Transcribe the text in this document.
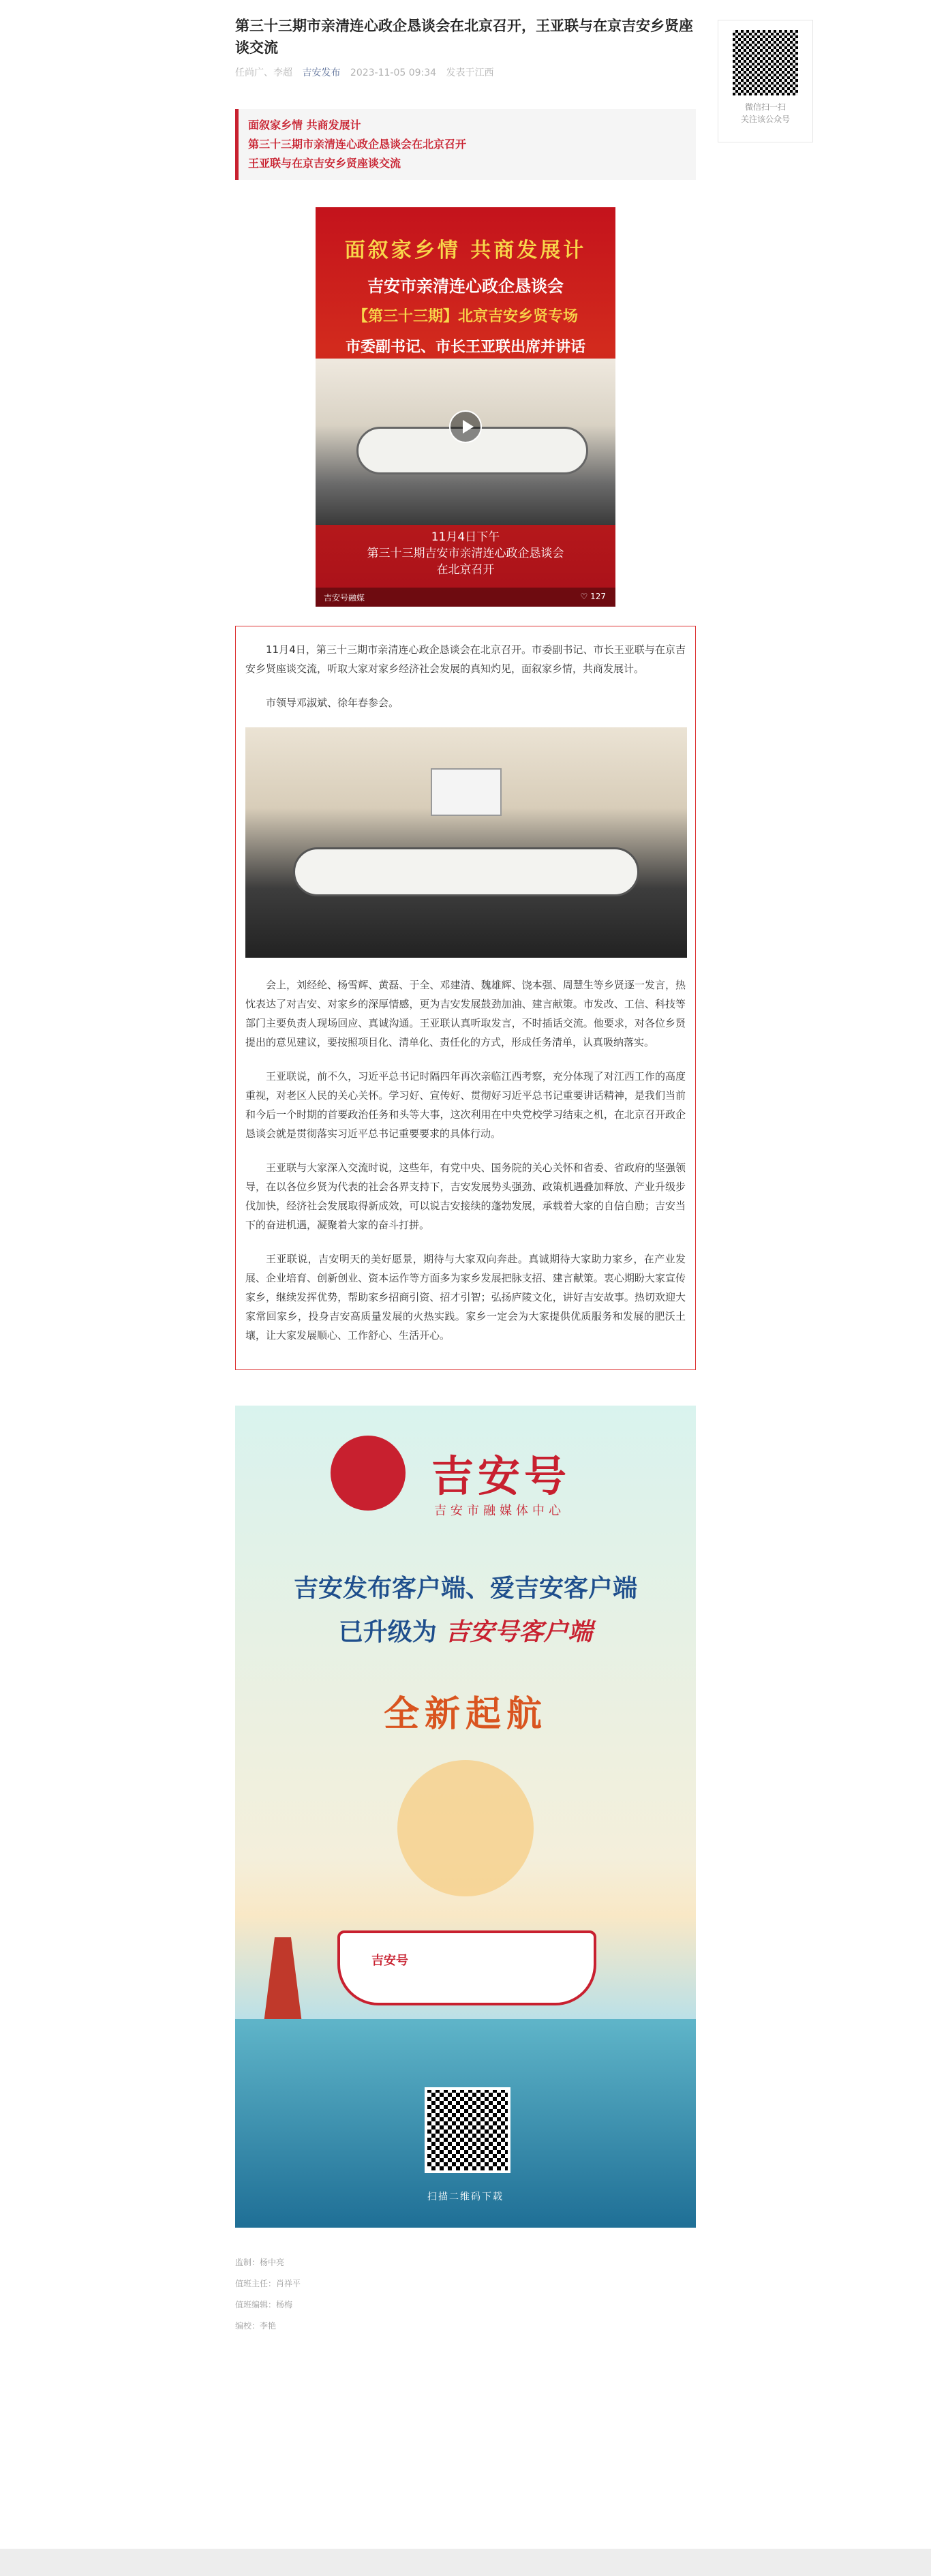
第三十三期市亲清连心政企恳谈会在北京召开，王亚联与在京吉安乡贤座谈交流
任尚广、李超 吉安发布 2023-11-05 09:34 发表于江西

面叙家乡情 共商发展计

第三十三期市亲清连心政企恳谈会在北京召开

王亚联与在京吉安乡贤座谈交流

面叙家乡情 共商发展计
吉安市亲清连心政企恳谈会
【第三十三期】北京吉安乡贤专场
市委副书记、市长王亚联出席并讲话
11月4日下午
第三十三期吉安市亲清连心政企恳谈会
在北京召开
吉安号融媒	♡ 127

11月4日，第三十三期市亲清连心政企恳谈会在北京召开。市委副书记、市长王亚联与在京吉安乡贤座谈交流，听取大家对家乡经济社会发展的真知灼见，面叙家乡情，共商发展计。

市领导邓淑斌、徐年春参会。

会上，刘经纶、杨雪辉、黄磊、于全、邓建清、魏雄辉、饶本强、周慧生等乡贤逐一发言，热忱表达了对吉安、对家乡的深厚情感，更为吉安发展鼓劲加油、建言献策。市发改、工信、科技等部门主要负责人现场回应、真诚沟通。王亚联认真听取发言，不时插话交流。他要求，对各位乡贤提出的意见建议，要按照项目化、清单化、责任化的方式，形成任务清单，认真吸纳落实。

王亚联说，前不久，习近平总书记时隔四年再次亲临江西考察，充分体现了对江西工作的高度重视，对老区人民的关心关怀。学习好、宣传好、贯彻好习近平总书记重要讲话精神，是我们当前和今后一个时期的首要政治任务和头等大事，这次利用在中央党校学习结束之机，在北京召开政企恳谈会就是贯彻落实习近平总书记重要要求的具体行动。

王亚联与大家深入交流时说，这些年，有党中央、国务院的关心关怀和省委、省政府的坚强领导，在以各位乡贤为代表的社会各界支持下，吉安发展势头强劲、政策机遇叠加释放、产业升级步伐加快，经济社会发展取得新成效，可以说吉安接续的蓬勃发展，承载着大家的自信自励；吉安当下的奋进机遇，凝聚着大家的奋斗打拼。

王亚联说，吉安明天的美好愿景，期待与大家双向奔赴。真诚期待大家助力家乡，在产业发展、企业培育、创新创业、资本运作等方面多为家乡发展把脉支招、建言献策。衷心期盼大家宣传家乡，继续发挥优势，帮助家乡招商引资、招才引智；弘扬庐陵文化，讲好吉安故事。热切欢迎大家常回家乡，投身吉安高质量发展的火热实践。家乡一定会为大家提供优质服务和发展的肥沃土壤，让大家发展顺心、工作舒心、生活开心。

吉安号
吉安市融媒体中心
吉安发布客户端、爱吉安客户端
已升级为 吉安号客户端
全新起航
吉安号
扫描二维码下载
监制：杨中亮
值班主任：肖祥平
值班编辑：杨梅
编校：李艳

微信扫一扫

关注该公众号
